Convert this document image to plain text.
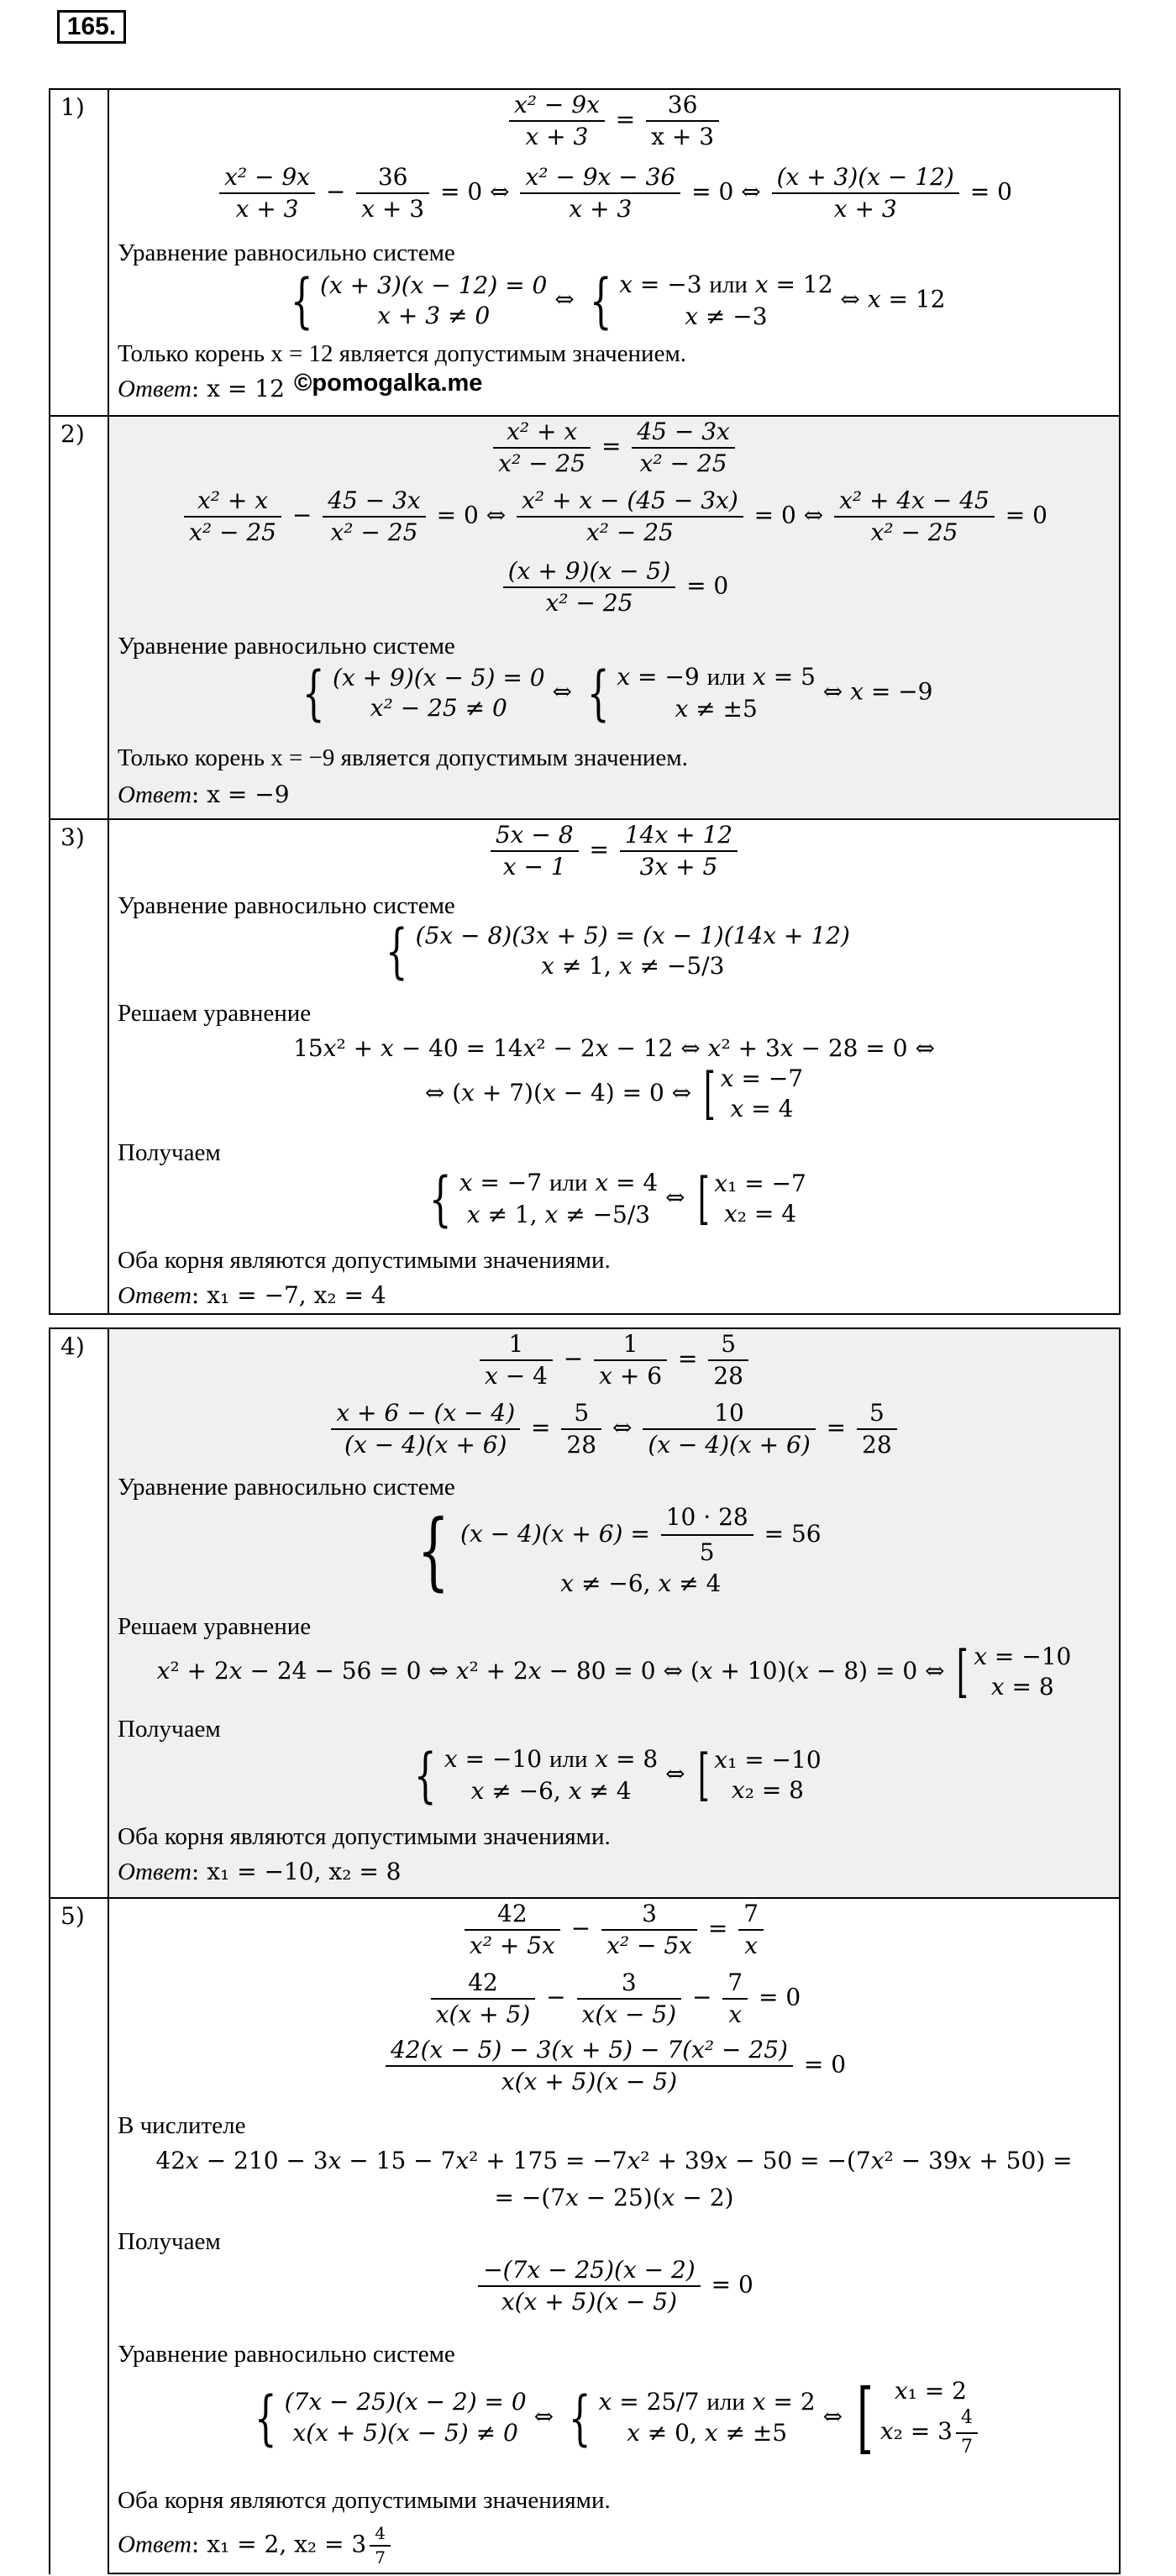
165.
1)	$\frac{\text{x² − 9x}}{x + 3} = \frac{36}{x + 3}$
$\frac{\text{x² − 9x}}{x + 3} - \frac{36}{x + 3} = 0$ ⇔ $\frac{\text{x² − 9x − 36}}{x + 3} = 0$ ⇔ $\frac{(x + 3)(x - 12)}{x + 3} = 0$
Уравнение равносильно системе
{ (x + 3)(x − 12) = 0
x + 3 ≠ 0 ⇔ { x = −3 или x = 12
x ≠ −3 ⇔ x = 12
Только корень x = 12 является допустимым значением.
Ответ: x = 12
2)	$\frac{\text{x² + x}}{\text{x² − 25}} = \frac{45 - 3x}{\text{x² − 25}}$
$\frac{\text{x² + x}}{\text{x² − 25}} - \frac{45 - 3x}{\text{x² − 25}} = 0$ ⇔ $\frac{\text{x² + x − (45 − 3x)}}{\text{x² − 25}} = 0$ ⇔ $\frac{\text{x² + 4x − 45}}{\text{x² − 25}} = 0$
$\frac{(x + 9)(x - 5)}{\text{x² − 25}} = 0$
Уравнение равносильно системе
{ (x + 9)(x − 5) = 0
x² − 25 ≠ 0 ⇔ { x = −9 или x = 5
x ≠ ±5 ⇔ x = −9
Только корень x = −9 является допустимым значением.
Ответ: x = −9
3)	$\frac{5x - 8}{x - 1} = \frac{14x + 12}{3x + 5}$
Уравнение равносильно системе
{ (5x − 8)(3x + 5) = (x − 1)(14x + 12)
x ≠ 1, x ≠ −5/3
Решаем уравнение
15x² + x − 40 = 14x² − 2x − 12 ⇔ x² + 3x − 28 = 0 ⇔
⇔ (x + 7)(x − 4) = 0 ⇔ [ x = −7
x = 4
Получаем
{ x = −7 или x = 4
x ≠ 1, x ≠ −5/3 ⇔ [ x₁ = −7
x₂ = 4
Оба корня являются допустимыми значениями.
Ответ: x₁ = −7, x₂ = 4
4)	$\frac{1}{x - 4} - \frac{1}{x + 6} = \frac{5}{28}$
$\frac{x + 6 - (x - 4)}{(x - 4)(x + 6)} = \frac{5}{28}$ ⇔ $\frac{10}{(x - 4)(x + 6)} = \frac{5}{28}$
Уравнение равносильно системе
{ $(x - 4)(x + 6) = \frac{10 \cdot 28}{5} = 56$
x ≠ −6, x ≠ 4
Решаем уравнение
x² + 2x − 24 − 56 = 0 ⇔ x² + 2x − 80 = 0 ⇔ (x + 10)(x − 8) = 0 ⇔ [ x = −10
x = 8
Получаем
{ x = −10 или x = 8
x ≠ −6, x ≠ 4 ⇔ [ x₁ = −10
x₂ = 8
Оба корня являются допустимыми значениями.
Ответ: x₁ = −10, x₂ = 8
5)	$\frac{42}{\text{x² + 5x}} - \frac{3}{\text{x² − 5x}} = \frac{7}{x}$
$\frac{42}{x(x + 5)} - \frac{3}{x(x - 5)} - \frac{7}{x} = 0$
$\frac{\text{42(x − 5) − 3(x + 5) − 7(x² − 25)}}{x(x + 5)(x - 5)} = 0$
В числителе
42x − 210 − 3x − 15 − 7x² + 175 = −7x² + 39x − 50 = −(7x² − 39x + 50) =
= −(7x − 25)(x − 2)
Получаем
$\frac{-(7x - 25)(x - 2)}{x(x + 5)(x - 5)} = 0$
Уравнение равносильно системе
{ (7x − 25)(x − 2) = 0
x(x + 5)(x − 5) ≠ 0 ⇔ { x = 25/7 или x = 2
x ≠ 0, x ≠ ±5 ⇔ [ x₁ = 2
$x_2 = 3 \frac{4}{7}$
Оба корня являются допустимыми значениями.
Ответ: x₁ = 2, $x_2 = 3 \frac{4}{7}$
©pomogalka.me
